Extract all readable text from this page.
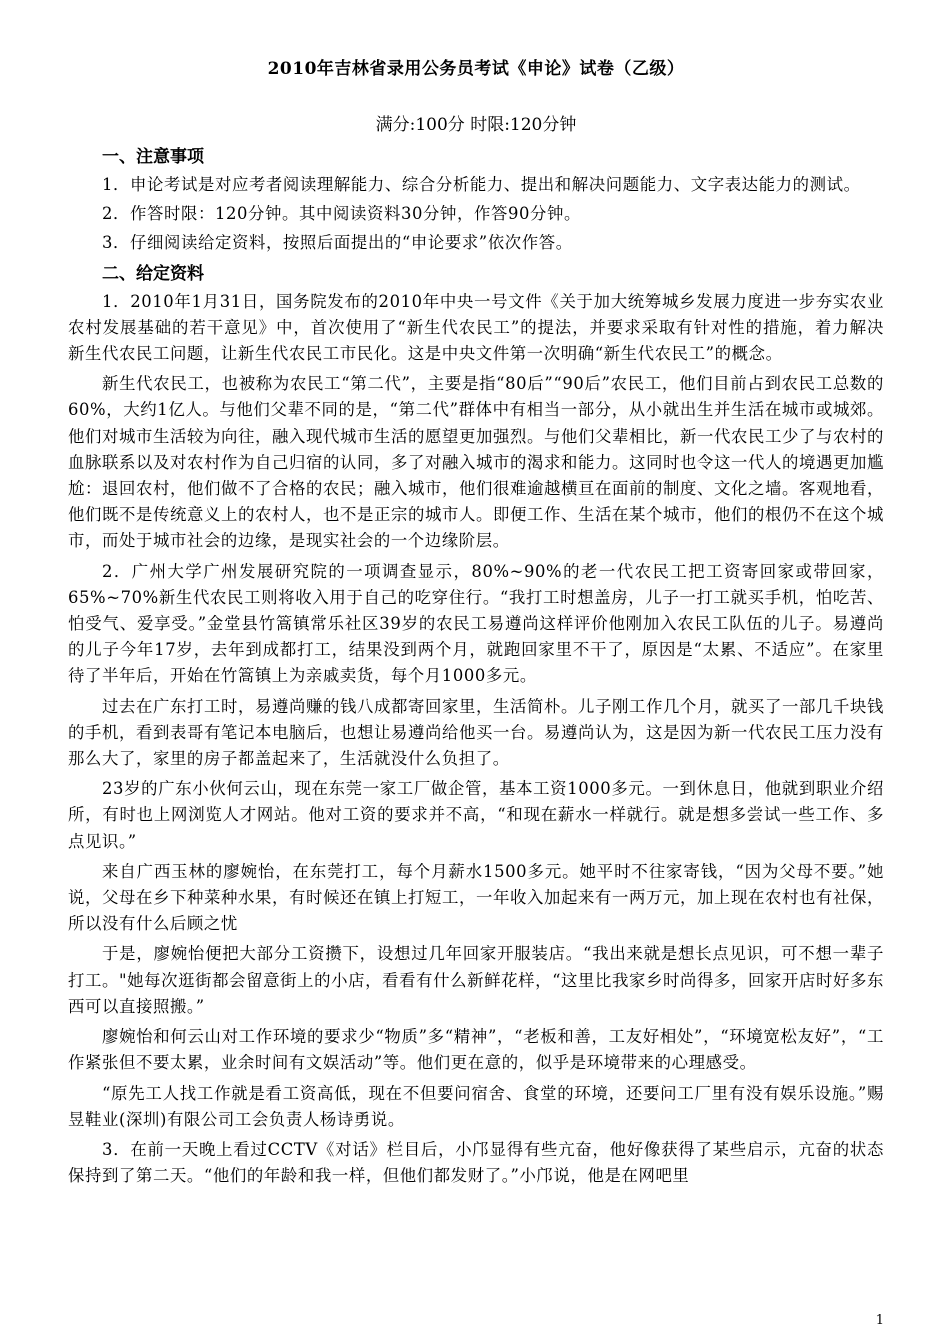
2010年吉林省录用公务员考试《申论》试卷（乙级）
满分:100分 时限:120分钟
一、注意事项

1．申论考试是对应考者阅读理解能力、综合分析能力、提出和解决问题能力、文字表达能力的测试。

2．作答时限：120分钟。其中阅读资料30分钟，作答90分钟。

3．仔细阅读给定资料，按照后面提出的“申论要求”依次作答。

二、给定资料

1．2010年1月31日，国务院发布的2010年中央一号文件《关于加大统筹城乡发展力度进一步夯实农业农村发展基础的若干意见》中，首次使用了“新生代农民工”的提法，并要求采取有针对性的措施，着力解决新生代农民工问题，让新生代农民工市民化。这是中央文件第一次明确“新生代农民工”的概念。

新生代农民工，也被称为农民工“第二代”，主要是指“80后”“90后”农民工，他们目前占到农民工总数的60%，大约1亿人。与他们父辈不同的是，“第二代”群体中有相当一部分，从小就出生并生活在城市或城郊。他们对城市生活较为向往，融入现代城市生活的愿望更加强烈。与他们父辈相比，新一代农民工少了与农村的血脉联系以及对农村作为自己归宿的认同，多了对融入城市的渴求和能力。这同时也令这一代人的境遇更加尴尬：退回农村，他们做不了合格的农民；融入城市，他们很难逾越横亘在面前的制度、文化之墙。客观地看，他们既不是传统意义上的农村人，也不是正宗的城市人。即便工作、生活在某个城市，他们的根仍不在这个城市，而处于城市社会的边缘，是现实社会的一个边缘阶层。

2．广州大学广州发展研究院的一项调查显示，80%~90%的老一代农民工把工资寄回家或带回家，65%~70%新生代农民工则将收入用于自己的吃穿住行。“我打工时想盖房，儿子一打工就买手机，怕吃苦、怕受气、爱享受。”金堂县竹篙镇常乐社区39岁的农民工易遵尚这样评价他刚加入农民工队伍的儿子。易遵尚的儿子今年17岁，去年到成都打工，结果没到两个月，就跑回家里不干了，原因是“太累、不适应”。在家里待了半年后，开始在竹篙镇上为亲戚卖货，每个月1000多元。

过去在广东打工时，易遵尚赚的钱八成都寄回家里，生活简朴。儿子刚工作几个月，就买了一部几千块钱的手机，看到表哥有笔记本电脑后，也想让易遵尚给他买一台。易遵尚认为，这是因为新一代农民工压力没有那么大了，家里的房子都盖起来了，生活就没什么负担了。

23岁的广东小伙何云山，现在东莞一家工厂做企管，基本工资1000多元。一到休息日，他就到职业介绍所，有时也上网浏览人才网站。他对工资的要求并不高，“和现在薪水一样就行。就是想多尝试一些工作、多点见识。”

来自广西玉林的廖婉怡，在东莞打工，每个月薪水1500多元。她平时不往家寄钱，“因为父母不要。”她说，父母在乡下种菜种水果，有时候还在镇上打短工，一年收入加起来有一两万元，加上现在农村也有社保，所以没有什么后顾之忧

于是，廖婉怡便把大部分工资攒下，设想过几年回家开服装店。“我出来就是想长点见识，可不想一辈子打工。"她每次逛街都会留意街上的小店，看看有什么新鲜花样，“这里比我家乡时尚得多，回家开店时好多东西可以直接照搬。”

廖婉怡和何云山对工作环境的要求少“物质”多“精神”，“老板和善，工友好相处”，“环境宽松友好”，“工作紧张但不要太累，业余时间有文娱活动”等。他们更在意的，似乎是环境带来的心理感受。

“原先工人找工作就是看工资高低，现在不但要问宿舍、食堂的环境，还要问工厂里有没有娱乐设施。”赐昱鞋业(深圳)有限公司工会负责人杨诗勇说。

3．在前一天晚上看过CCTV《对话》栏目后，小邝显得有些亢奋，他好像获得了某些启示，亢奋的状态保持到了第二天。“他们的年龄和我一样，但他们都发财了。”小邝说，他是在网吧里

1
